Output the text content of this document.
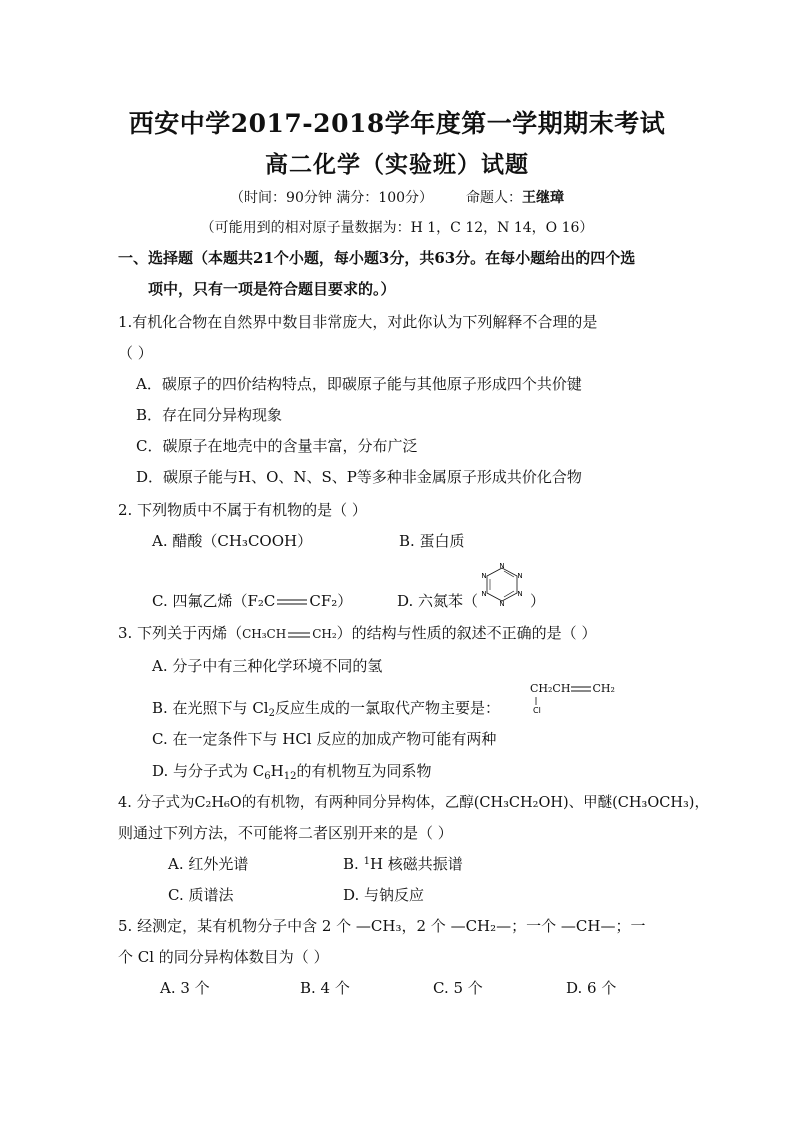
西安中学2017-2018学年度第一学期期末考试
高二化学（实验班）试题
（时间：90分钟 满分：100分） 命题人：王继璋
（可能用到的相对原子量数据为：H 1，C 12，N 14，O 16）
一、选择题（本题共21个小题，每小题3分，共63分。在每小题给出的四个选
项中，只有一项是符合题目要求的。）
1.有机化合物在自然界中数目非常庞大，对此你认为下列解释不合理的是
（ ）
A．碳原子的四价结构特点，即碳原子能与其他原子形成四个共价键
B．存在同分异构现象
C．碳原子在地壳中的含量丰富，分布广泛
D．碳原子能与H、O、N、S、P等多种非金属原子形成共价化合物
2. 下列物质中不属于有机物的是（ ）
A. 醋酸（CH₃COOH）	B. 蛋白质
C. 四氟乙烯（F₂C CF₂）	D. 六氮苯（
N
N
N
N
N
N
）
3. 下列关于丙烯（CH₃CH CH₂）的结构与性质的叙述不正确的是（ ）
A. 分子中有三种化学环境不同的氢
B. 在光照下与 $Cl_2$反应生成的一氯取代产物主要是：
CH₂CH CH₂
Cl
C. 在一定条件下与 HCl 反应的加成产物可能有两种
D. 与分子式为 $C_6H_{12}$的有机物互为同系物
4. 分子式为C₂H₆O的有机物，有两种同分异构体，乙醇(CH₃CH₂OH)、甲醚(CH₃OCH₃)，
则通过下列方法，不可能将二者区别开来的是（ ）
A. 红外光谱	B. $^1$H 核磁共振谱
C. 质谱法	D. 与钠反应
5. 经测定，某有机物分子中含 2 个 —CH₃，2 个 —CH₂—；一个 —CH—；一
个 Cl 的同分异构体数目为（ ）
A. 3 个	B. 4 个	C. 5 个	D. 6 个
